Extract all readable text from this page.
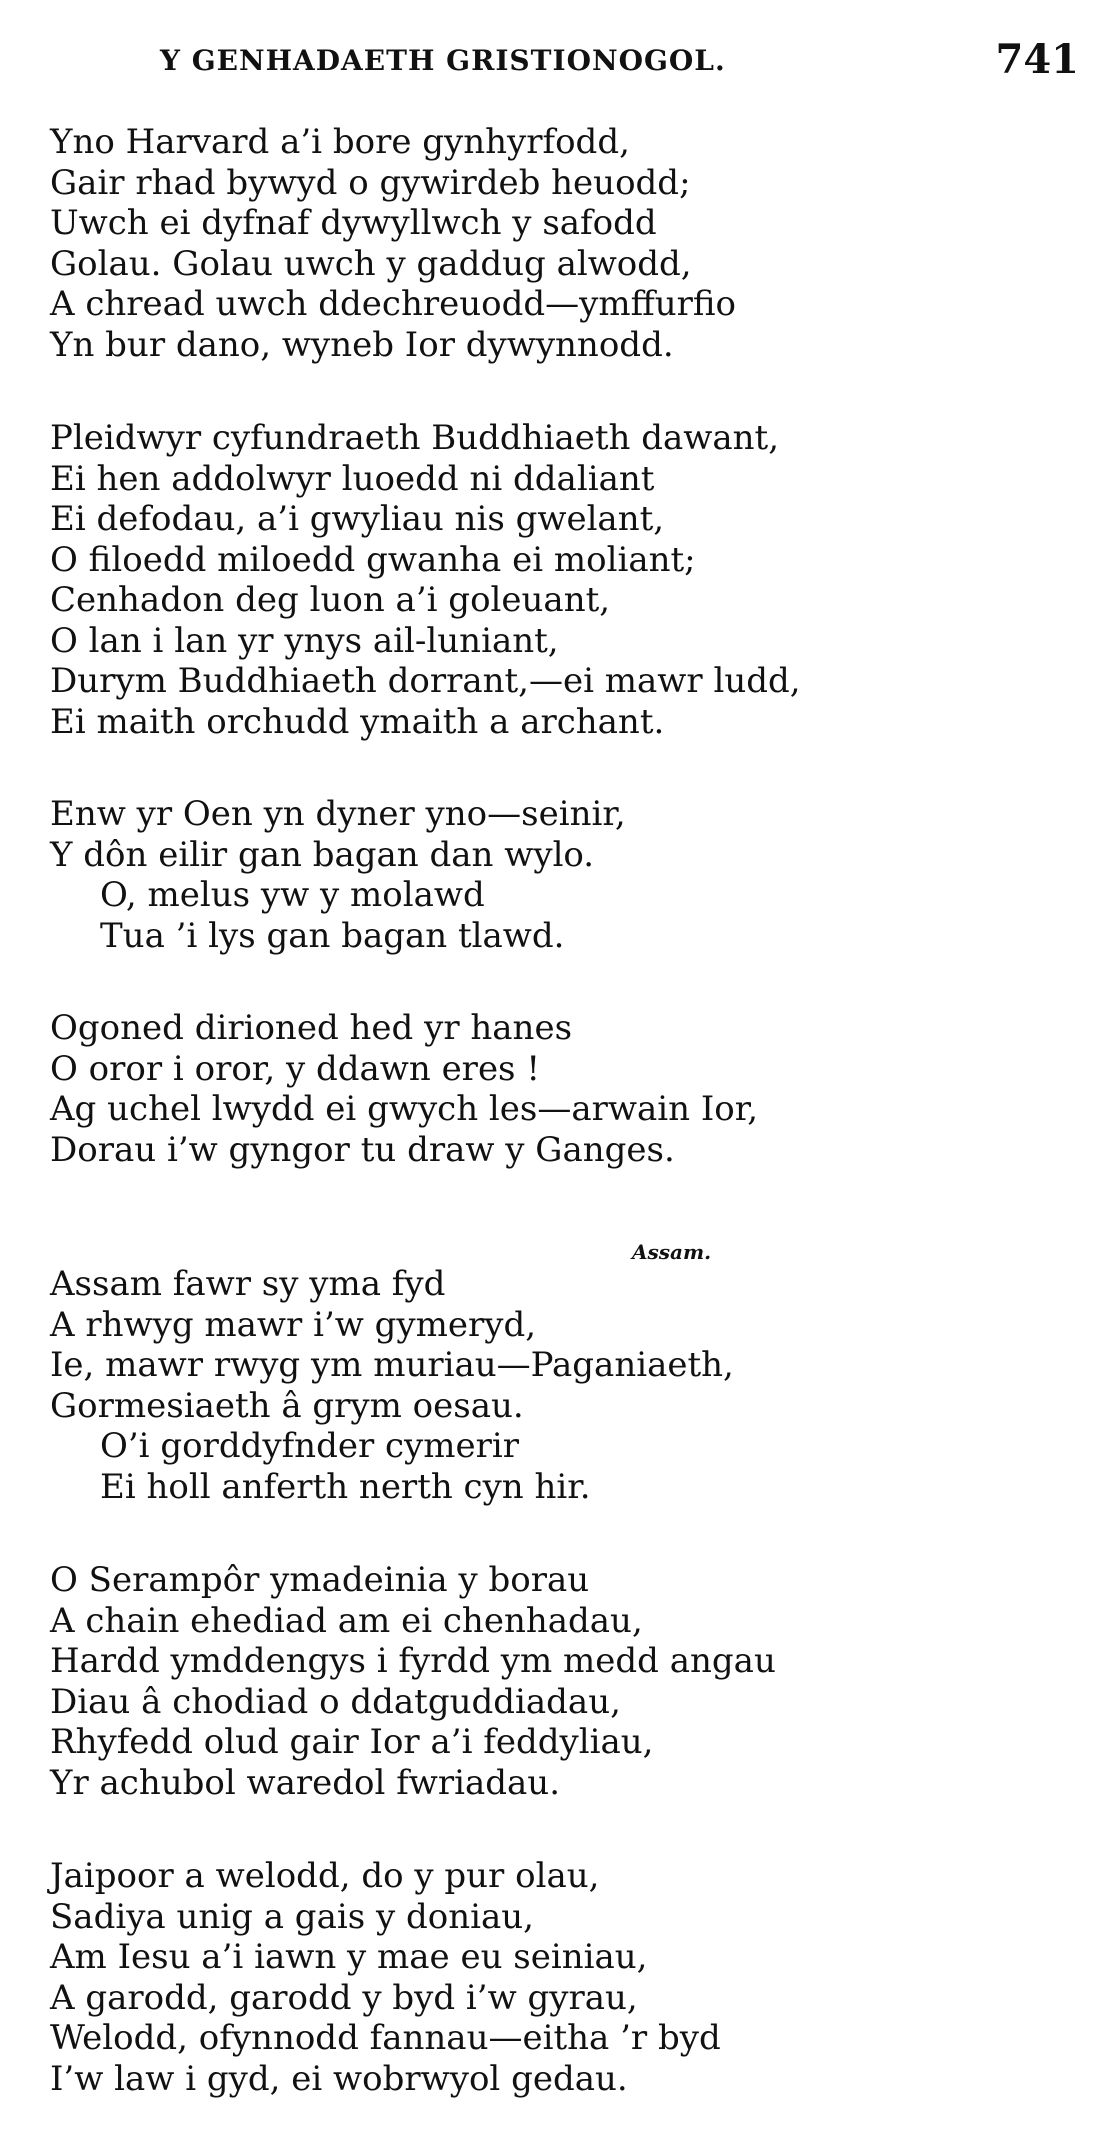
Y GENHADAETH GRISTIONOGOL.	741
Yno Harvard a’i bore gynhyrfodd,
Gair rhad bywyd o gywirdeb heuodd;
Uwch ei dyfnaf dywyllwch y safodd
Golau. Golau uwch y gaddug alwodd,
A chread uwch ddechreuodd—ymffurfio
Yn bur dano, wyneb Ior dywynnodd.
Pleidwyr cyfundraeth Buddhiaeth dawant,
Ei hen addolwyr luoedd ni ddaliant
Ei defodau, a’i gwyliau nis gwelant,
O filoedd miloedd gwanha ei moliant;
Cenhadon deg luon a’i goleuant,
O lan i lan yr ynys ail-luniant,
Durym Buddhiaeth dorrant,—ei mawr ludd,
Ei maith orchudd ymaith a archant.
Enw yr Oen yn dyner yno—seinir,
Y dôn eilir gan bagan dan wylo.
O, melus yw y molawd
Tua ’i lys gan bagan tlawd.
Ogoned dirioned hed yr hanes
O oror i oror, y ddawn eres !
Ag uchel lwydd ei gwych les—arwain Ior,
Dorau i’w gyngor tu draw y Ganges.
Assam.
Assam fawr sy yma fyd
A rhwyg mawr i’w gymeryd,
Ie, mawr rwyg ym muriau—Paganiaeth,
Gormesiaeth â grym oesau.
O’i gorddyfnder cymerir
Ei holl anferth nerth cyn hir.
O Serampôr ymadeinia y borau
A chain ehediad am ei chenhadau,
Hardd ymddengys i fyrdd ym medd angau
Diau â chodiad o ddatguddiadau,
Rhyfedd olud gair Ior a’i feddyliau,
Yr achubol waredol fwriadau.
Jaipoor a welodd, do y pur olau,
Sadiya unig a gais y doniau,
Am Iesu a’i iawn y mae eu seiniau,
A garodd, garodd y byd i’w gyrau,
Welodd, ofynnodd fannau—eitha ’r byd
I’w law i gyd, ei wobrwyol gedau.
